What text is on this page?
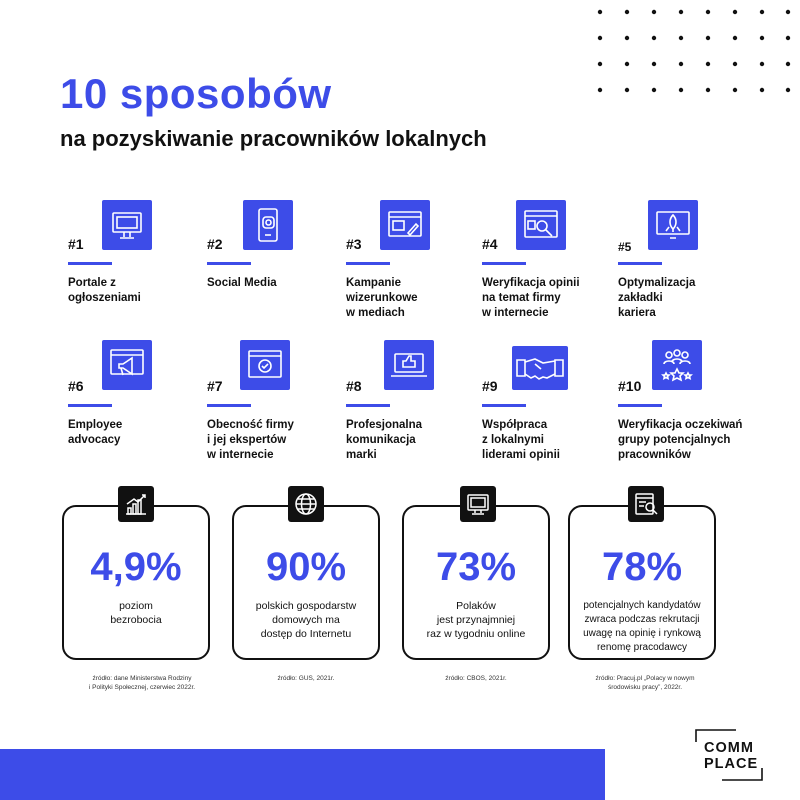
10 sposobów
na pozyskiwanie pracowników lokalnych
#1
Portale z
ogłoszeniami
#2
Social Media
#3
Kampanie
wizerunkowe
w mediach
#4
Weryfikacja opinii
na temat firmy
w internecie
#5
Optymalizacja
zakładki
kariera
#6
Employee
advocacy
#7
Obecność firmy
i jej ekspertów
w internecie
#8
Profesjonalna
komunikacja
marki
#9
Współpraca
z lokalnymi
liderami opinii
#10
Weryfikacja oczekiwań
grupy potencjalnych
pracowników
4,9%
poziom
bezrobocia
90%
polskich gospodarstw
domowych ma
dostęp do Internetu
73%
Polaków
jest przynajmniej
raz w tygodniu online
78%
potencjalnych kandydatów
zwraca podczas rekrutacji
uwagę na opinię i rynkową
renomę pracodawcy
źródło: dane Ministerstwa Rodziny
i Polityki Społecznej, czerwiec 2022r.
źródło: GUS, 2021r.	źródło: CBOS, 2021r.	źródło: Pracuj.pl „Polacy w nowym
środowisku pracy”, 2022r.
COMM
PLACE
